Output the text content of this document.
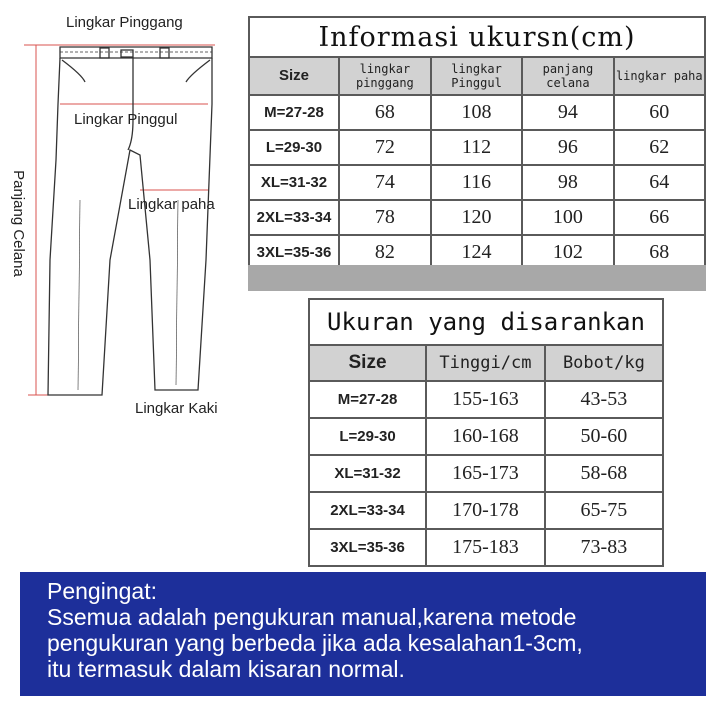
Lingkar Pinggang
Lingkar Pinggul
Lingkar paha
Lingkar Kaki
Panjang Celana
Informasi ukursn(cm)				
Size	lingkar pinggang	lingkar Pinggul	panjang celana	lingkar paha
M=27-28	68	108	94	60
L=29-30	72	112	96	62
XL=31-32	74	116	98	64
2XL=33-34	78	120	100	66
3XL=35-36	82	124	102	68
Ukuran yang disarankan		
Size	Tinggi/cm	Bobot/kg
M=27-28	155-163	43-53
L=29-30	160-168	50-60
XL=31-32	165-173	58-68
2XL=33-34	170-178	65-75
3XL=35-36	175-183	73-83
Pengingat:
Ssemua adalah pengukuran manual,karena metode
pengukuran yang berbeda jika ada kesalahan1-3cm,
itu termasuk dalam kisaran normal.
